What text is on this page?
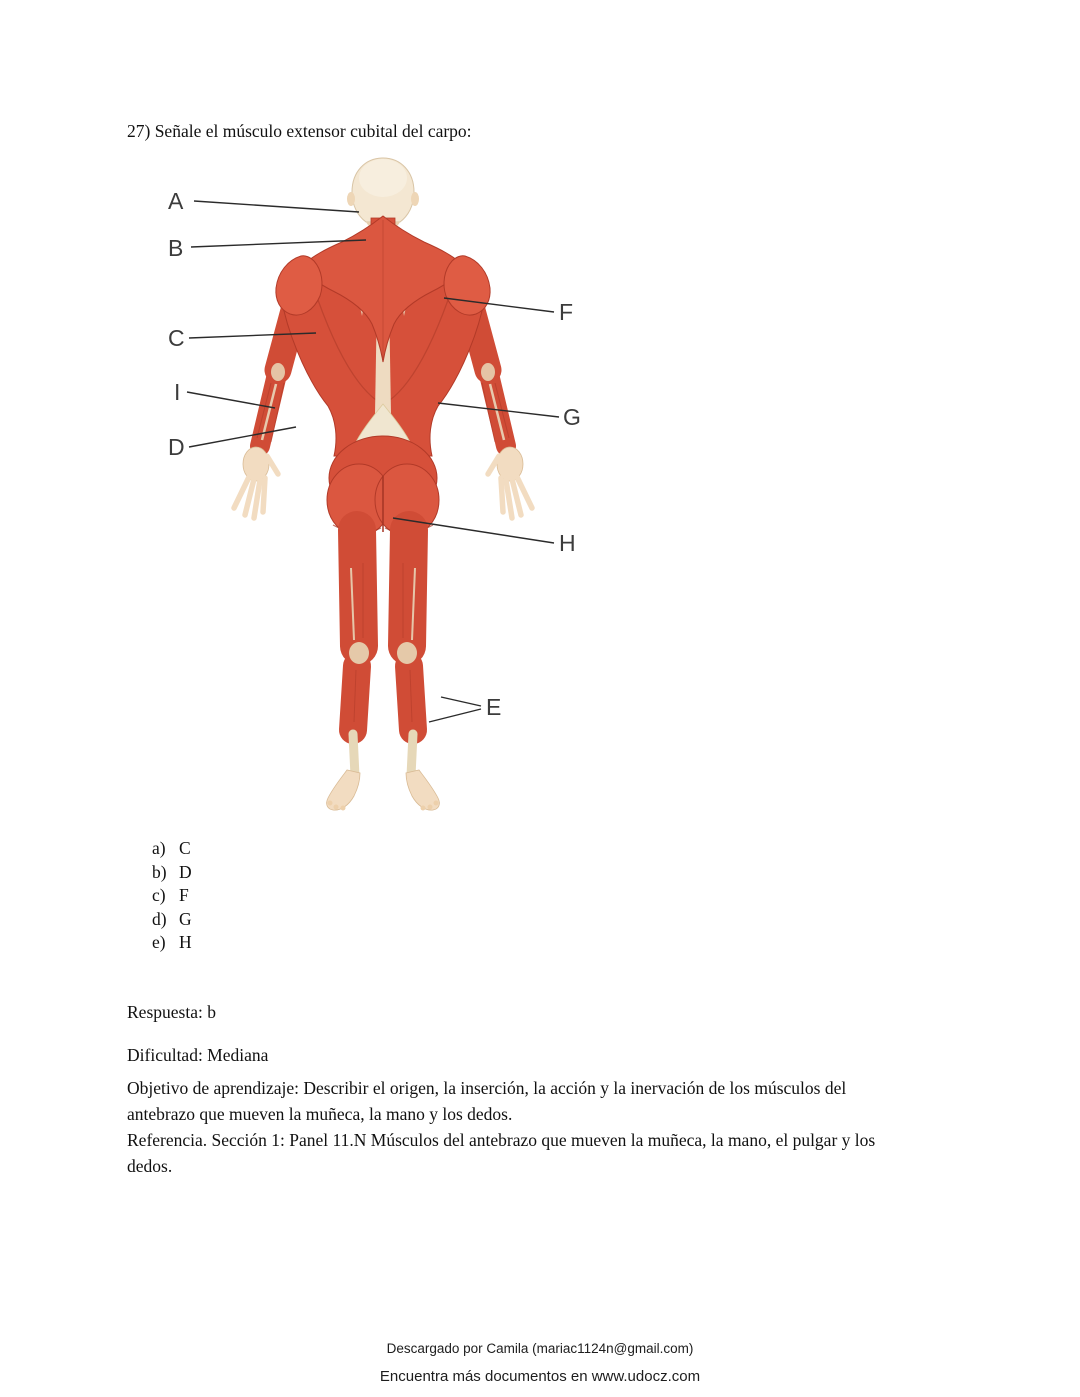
27) Señale el músculo extensor cubital del carpo:

A
B
C
D
E
F
G
H
I
a) C
b) D
c) F
d) G
e) H

Respuesta: b

Dificultad: Mediana

Objetivo de aprendizaje: Describir el origen, la inserción, la acción y la inervación de los músculos del antebrazo que mueven la muñeca, la mano y los dedos.

Referencia. Sección 1: Panel 11.N Músculos del antebrazo que mueven la muñeca, la mano, el pulgar y los dedos.

Descargado por Camila (mariac1124n@gmail.com)

Encuentra más documentos en www.udocz.com
